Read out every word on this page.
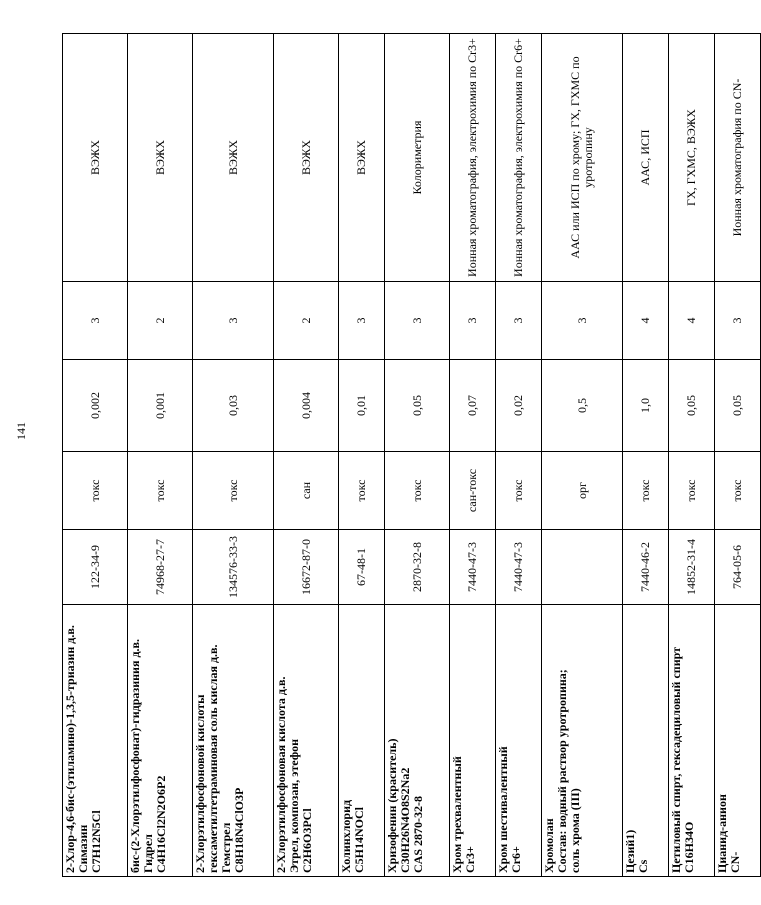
141
2-Хлор-4,6-бис-(этиламино)-1,3,5-триазин д.в. Симазин C7H12N5Cl	122-34-9	токс	0,002	3	ВЭЖХ

бис-(2-Хлорэтилфосфонат)-гидразиния д.в. Гидрел C4H16Cl2N2O6P2	74968-27-7	токс	0,001	2	ВЭЖХ

2-Хлорэтилфосфоновой кислоты гексаметилтетраминовая соль кислая д.в. Гемстрел C8H18N4ClO3P	134576-33-3	токс	0,03	3	ВЭЖХ

2-Хлорэтилфосфоновая кислота д.в. Этрел, композан, этефон C2H6O3PCl	16672-87-0	сан	0,004	2	ВЭЖХ

Холинхлорид C5H14NOCl	67-48-1	токс	0,01	3	ВЭЖХ

Хризофенин (краситель) C30H26N4O8S2Na2 CAS 2870-32-8	2870-32-8	токс	0,05	3	Колориметрия

Хром трехвалентный Cr3+	7440-47-3	сан-токс	0,07	3	Ионная хроматография, электрохимия по Cr3+

Хром шестивалентный Cr6+	7440-47-3	токс	0,02	3	Ионная хроматография, электрохимия по Cr6+

Хромолан Состав: водный раствор уротропина; соль хрома (III)		орг	0,5	3	ААС или ИСП по хрому; ГХ, ГХМС по уротропину

Цезий1) Cs	7440-46-2	токс	1,0	4	ААС, ИСП

Цетиловый спирт, гексадециловый спирт C16H34O	14852-31-4	токс	0,05	4	ГХ, ГХМС, ВЭЖХ

Цианид-анион CN-	764-05-6	токс	0,05	3	Ионная хроматография по CN-
